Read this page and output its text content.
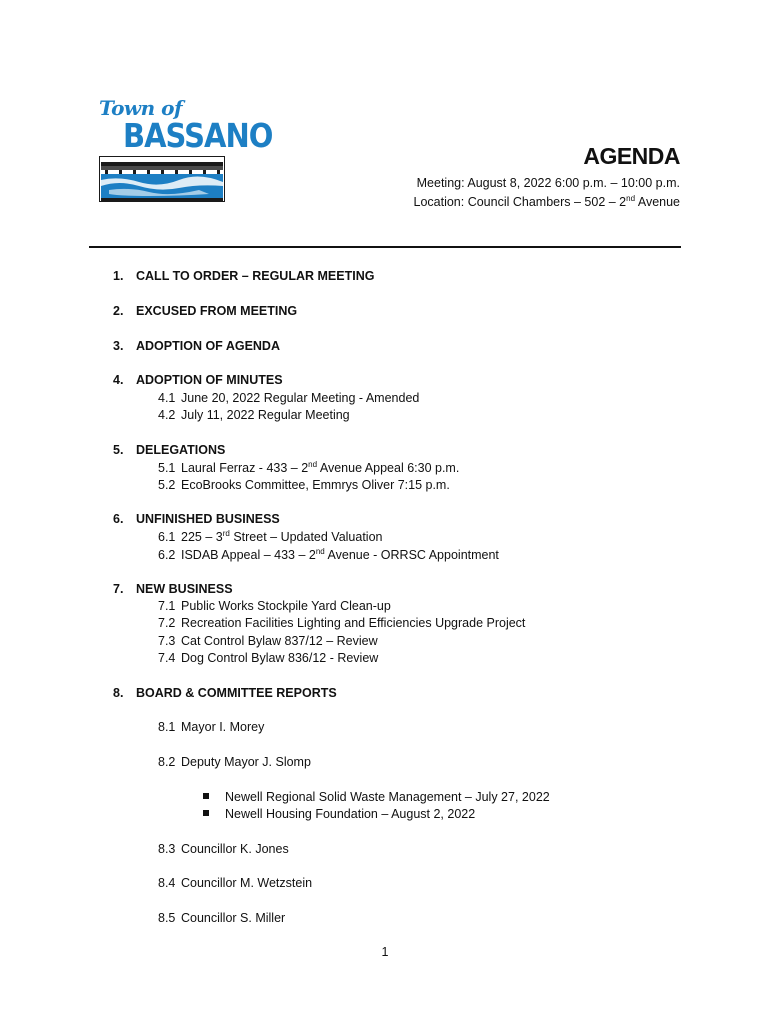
Town of
BASSANO
AGENDA
Meeting: August 8, 2022 6:00 p.m. – 10:00 p.m.
Location: Council Chambers – 502 – 2nd Avenue
1. CALL TO ORDER – REGULAR MEETING
2. EXCUSED FROM MEETING
3. ADOPTION OF AGENDA
4. ADOPTION OF MINUTES
4.1 June 20, 2022 Regular Meeting - Amended
4.2 July 11, 2022 Regular Meeting
5. DELEGATIONS
5.1 Laural Ferraz - 433 – 2nd Avenue Appeal 6:30 p.m.
5.2 EcoBrooks Committee, Emmrys Oliver 7:15 p.m.
6. UNFINISHED BUSINESS
6.1 225 – 3rd Street – Updated Valuation
6.2 ISDAB Appeal – 433 – 2nd Avenue - ORRSC Appointment
7. NEW BUSINESS
7.1 Public Works Stockpile Yard Clean-up
7.2 Recreation Facilities Lighting and Efficiencies Upgrade Project
7.3 Cat Control Bylaw 837/12 – Review
7.4 Dog Control Bylaw 836/12 - Review
8. BOARD & COMMITTEE REPORTS
8.1 Mayor I. Morey
8.2 Deputy Mayor J. Slomp
Newell Regional Solid Waste Management – July 27, 2022
Newell Housing Foundation – August 2, 2022
8.3 Councillor K. Jones
8.4 Councillor M. Wetzstein
8.5 Councillor S. Miller
1
